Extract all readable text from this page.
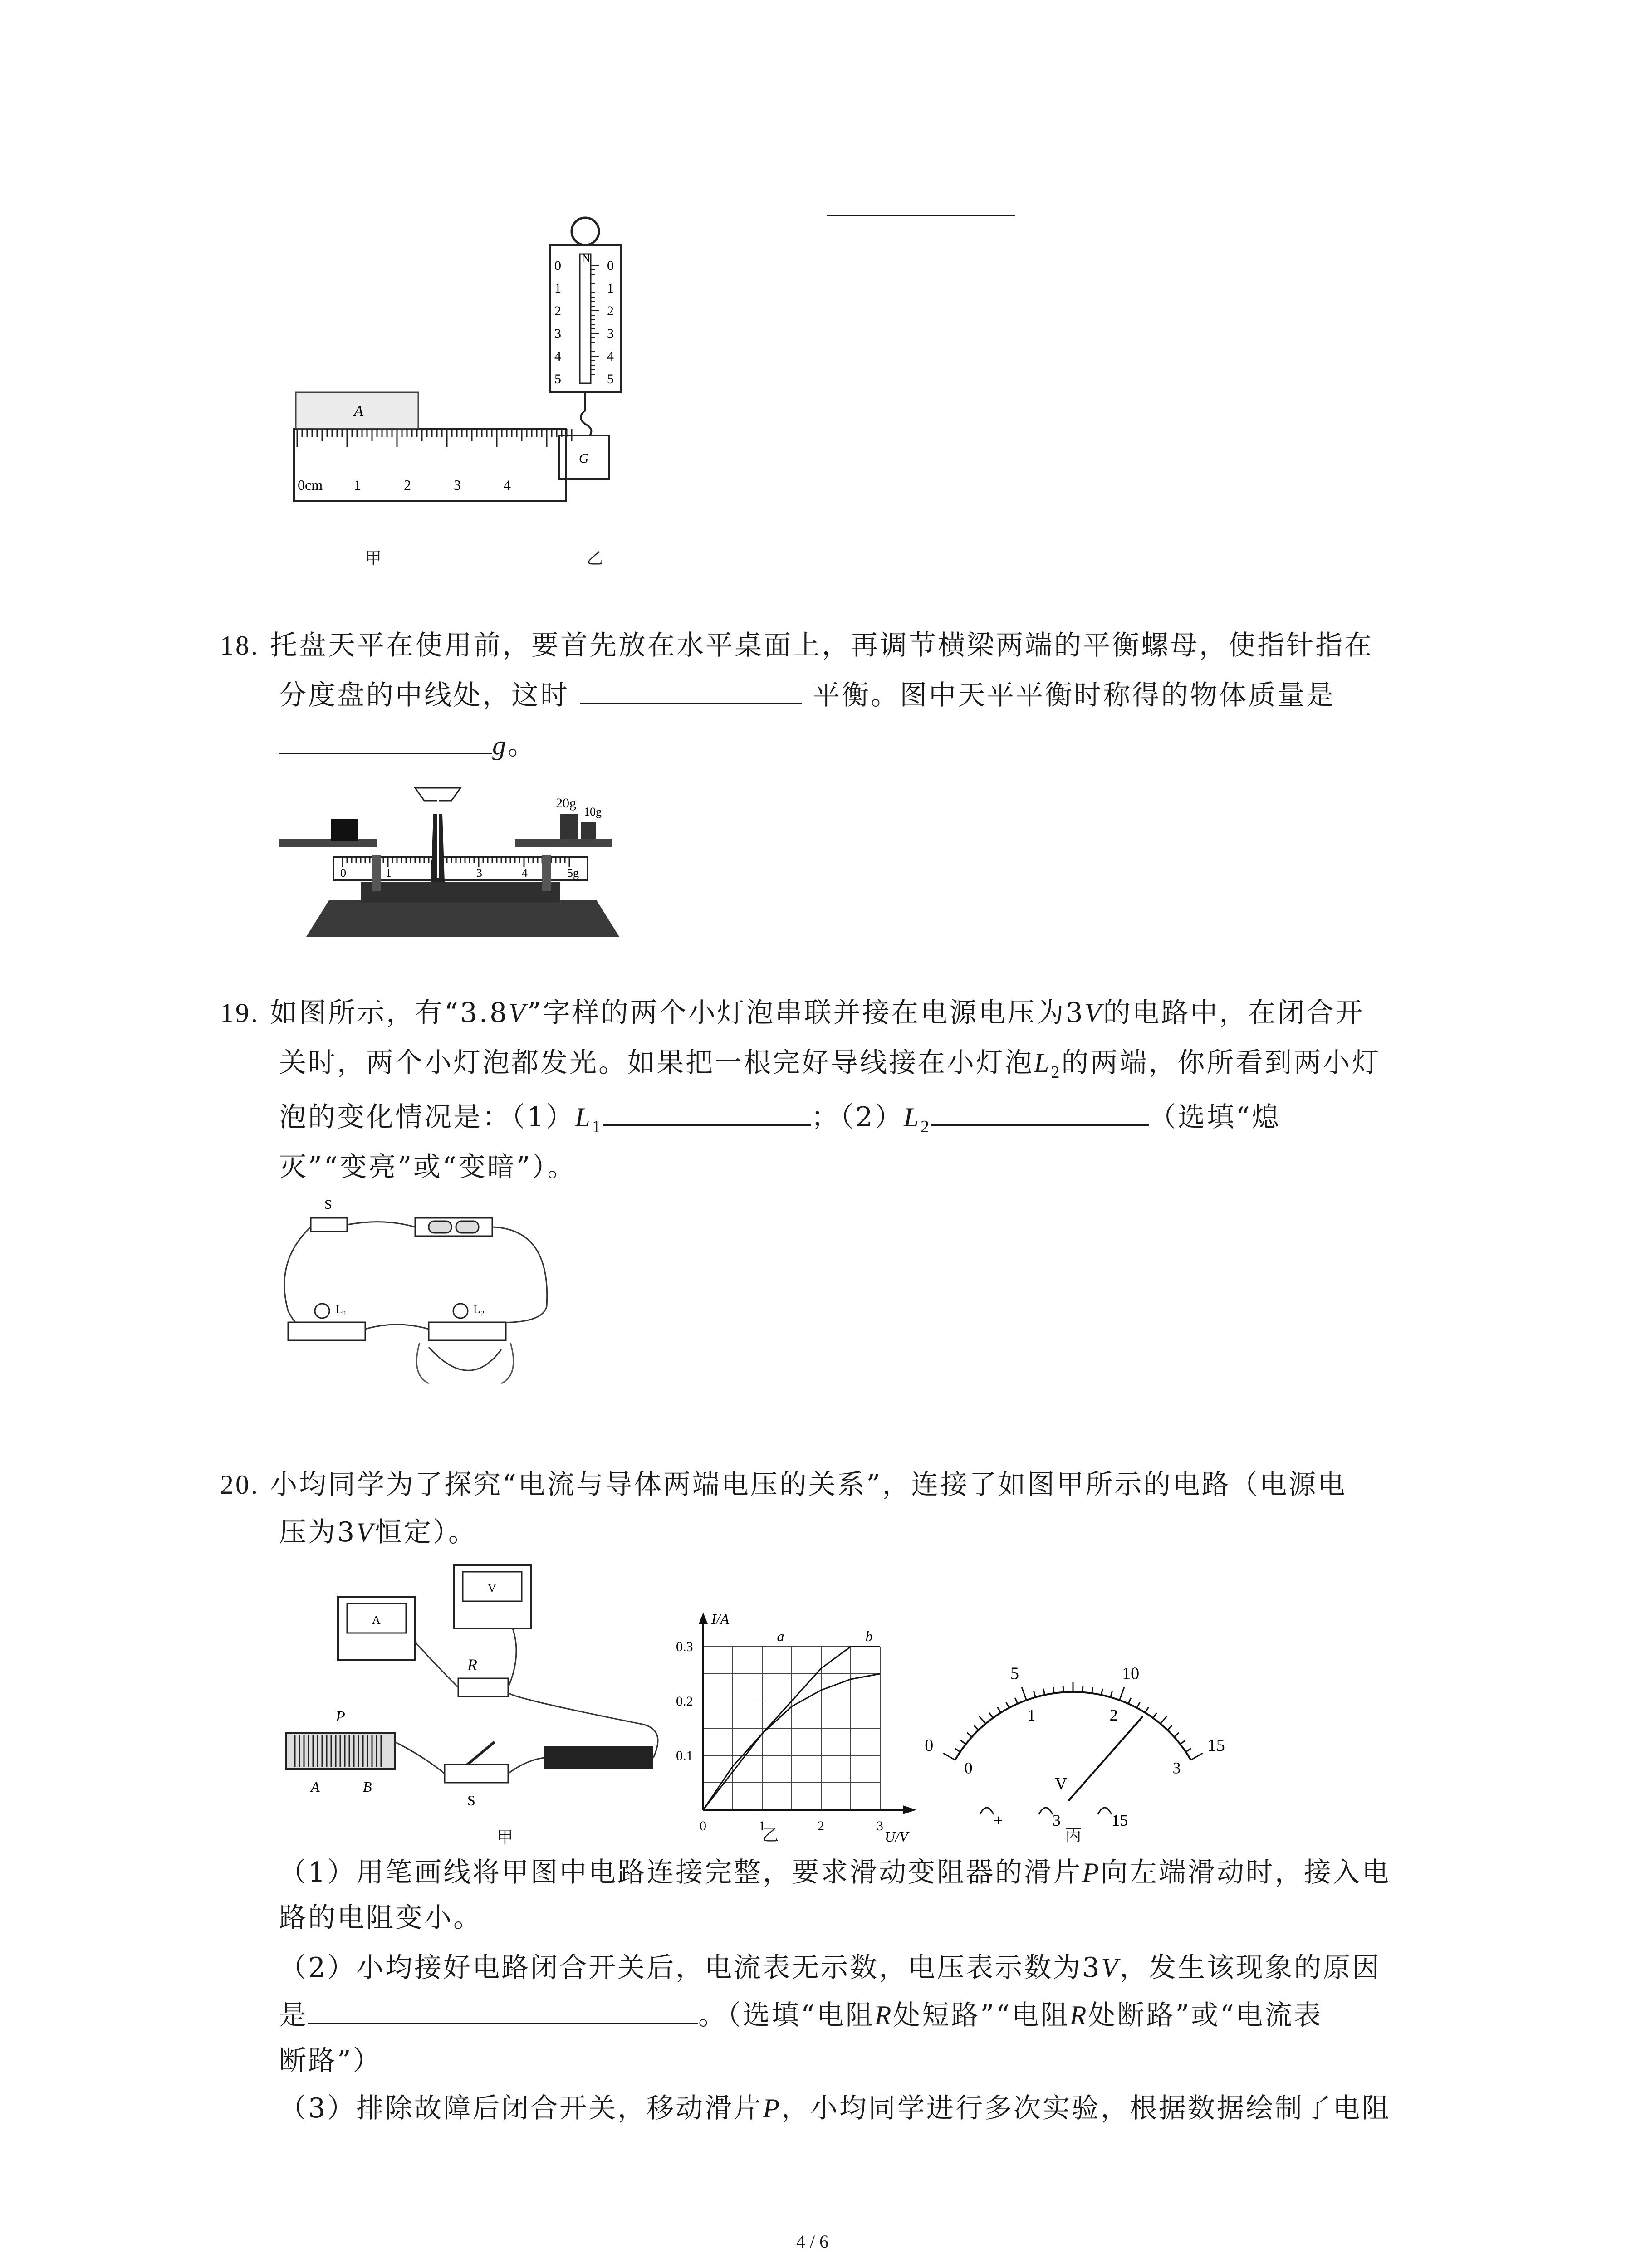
A
0cm 1	2	3	4
N
0
1
2
3
4
5
0
1
2
3
4
5
G
甲	乙
18. 托盘天平在使用前，要首先放在水平桌面上，再调节横梁两端的平衡螺母，使指针指在
分度盘的中线处，这时	平衡。图中天平平衡时称得的物体质量是
g。
0	1	3	4	5g
20g
10g
19. 如图所示，有“3.8V”字样的两个小灯泡串联并接在电源电压为3V的电路中，在闭合开
关时，两个小灯泡都发光。如果把一根完好导线接在小灯泡$L_2$的两端，你所看到两小灯
泡的变化情况是：$(1)L_1$	；$(2)L_2$	（选填“熄
灭”“变亮”或“变暗”）。
S
L₁	L₂
20. 小均同学为了探究“电流与导体两端电压的关系”，连接了如图甲所示的电路（电源电
压为3V恒定）。
A
V
R
P
A	B
S
I/A
U/V
0.1
0.2
0.3
0	1	2	3
a	b
0
5	10
15
0
1	2
3
V
+	3	15
甲	乙	丙
（1）用笔画线将甲图中电路连接完整，要求滑动变阻器的滑片P向左端滑动时，接入电
路的电阻变小。
（2）小均接好电路闭合开关后，电流表无示数，电压表示数为3V，发生该现象的原因
是	。（选填“电阻R处短路”“电阻R处断路”或“电流表
断路”）
（3）排除故障后闭合开关，移动滑片P，小均同学进行多次实验，根据数据绘制了电阻
4 / 6
